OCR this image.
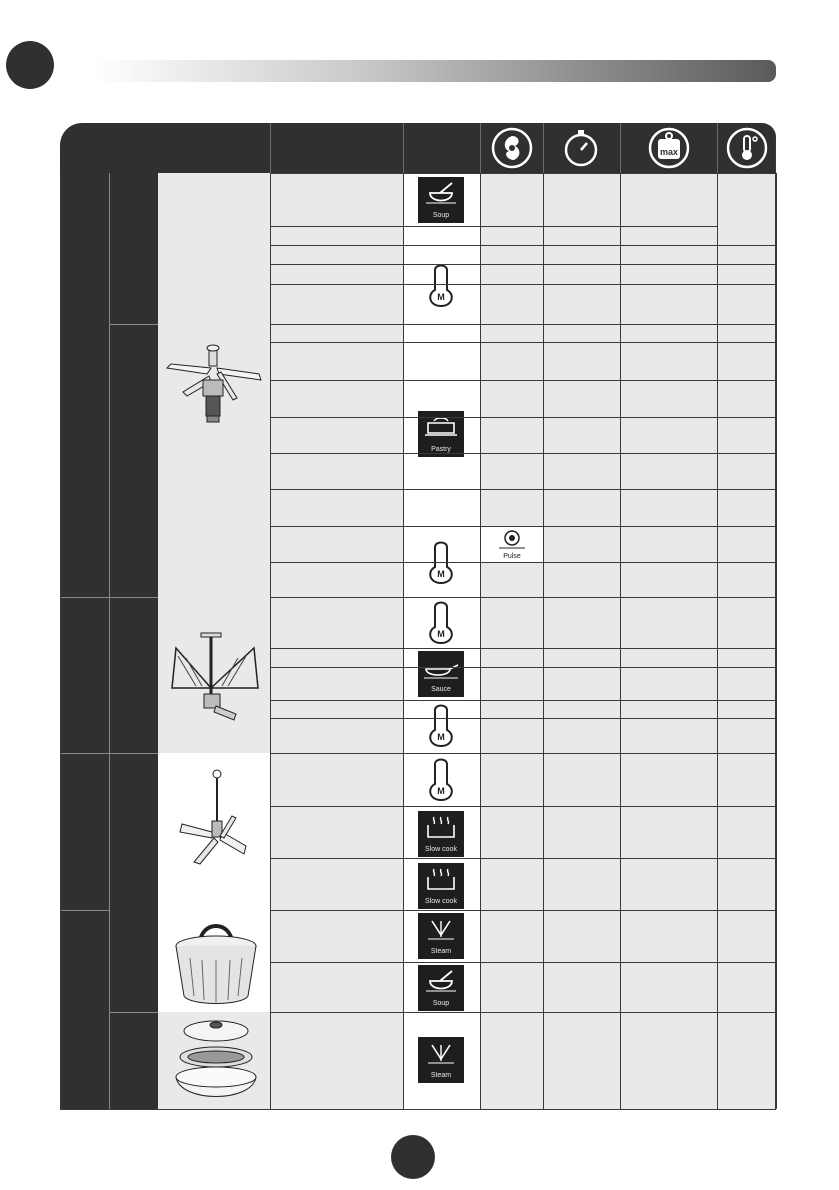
max
Soup
M
Pastry
M
M
Sauce
M
M
Slow cook
Slow cook
Steam
Soup
Steam
Pulse
